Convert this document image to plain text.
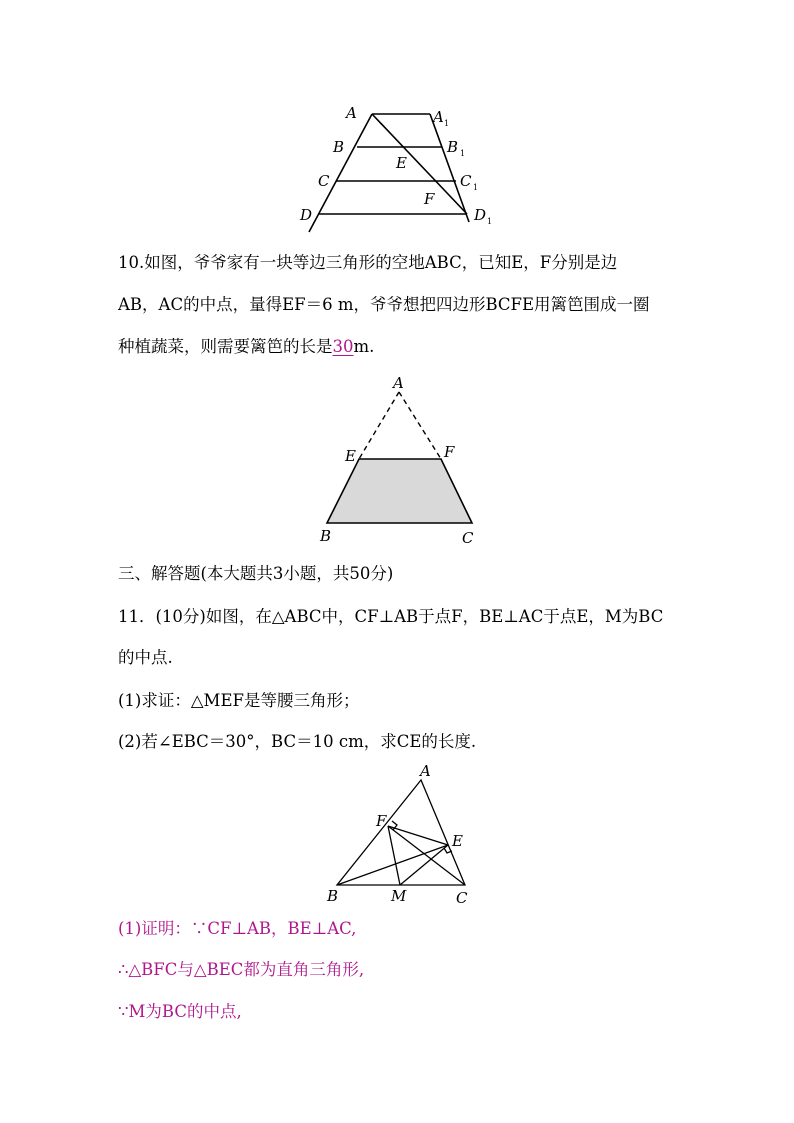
A	A 1
B	B 1
E
C	C 1
F
D	D 1
10.如图，爷爷家有一块等边三角形的空地ABC，已知E，F分别是边
AB，AC的中点，量得EF＝6 m，爷爷想把四边形BCFE用篱笆围成一圈
种植蔬菜，则需要篱笆的长是30m.
A
E	F
B	C
三、解答题(本大题共3小题，共50分)
11．(10分)如图，在△ABC中，CF⊥AB于点F，BE⊥AC于点E，M为BC
的中点.
(1)求证：△MEF是等腰三角形；
(2)若∠EBC＝30°，BC＝10 cm，求CE的长度.
A
F
E
B	M	C
(1)证明：∵CF⊥AB，BE⊥AC,
∴△BFC与△BEC都为直角三角形,
∵M为BC的中点,
